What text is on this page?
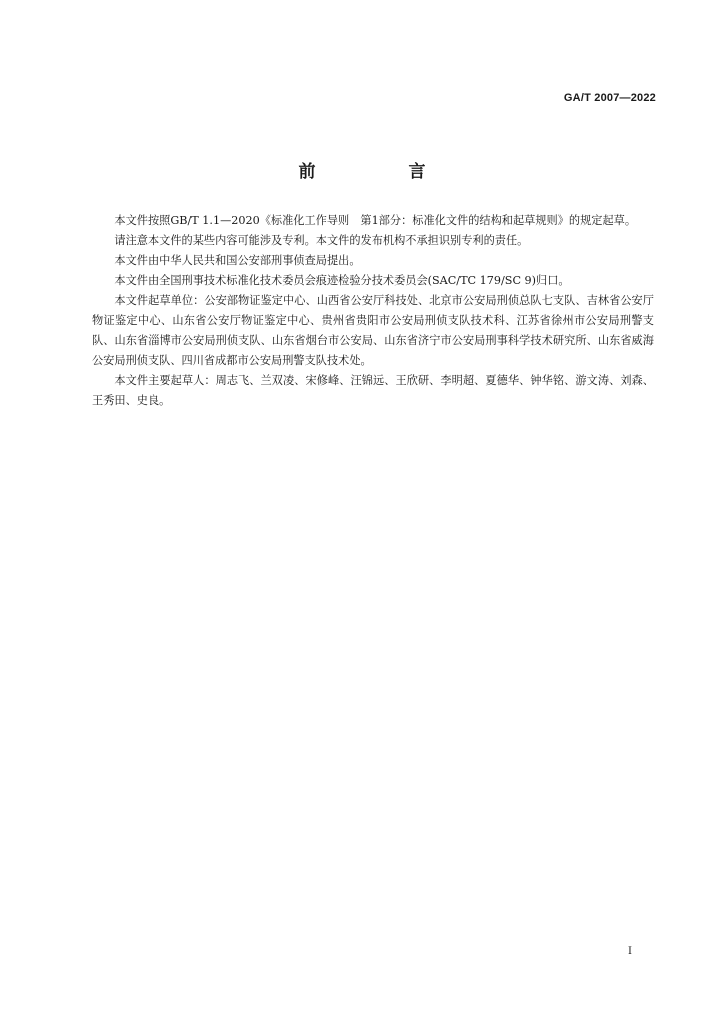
GA/T 2007—2022
前　言

本文件按照GB/T 1.1—2020《标准化工作导则　第1部分：标准化文件的结构和起草规则》的规定起草。

请注意本文件的某些内容可能涉及专利。本文件的发布机构不承担识别专利的责任。

本文件由中华人民共和国公安部刑事侦查局提出。

本文件由全国刑事技术标准化技术委员会痕迹检验分技术委员会(SAC/TC 179/SC 9)归口。

本文件起草单位：公安部物证鉴定中心、山西省公安厅科技处、北京市公安局刑侦总队七支队、吉林省公安厅物证鉴定中心、山东省公安厅物证鉴定中心、贵州省贵阳市公安局刑侦支队技术科、江苏省徐州市公安局刑警支队、山东省淄博市公安局刑侦支队、山东省烟台市公安局、山东省济宁市公安局刑事科学技术研究所、山东省威海公安局刑侦支队、四川省成都市公安局刑警支队技术处。

本文件主要起草人：周志飞、兰双凌、宋修峰、汪锦远、王欣研、李明超、夏德华、钟华铭、游文涛、刘森、王秀田、史良。

Ⅰ
